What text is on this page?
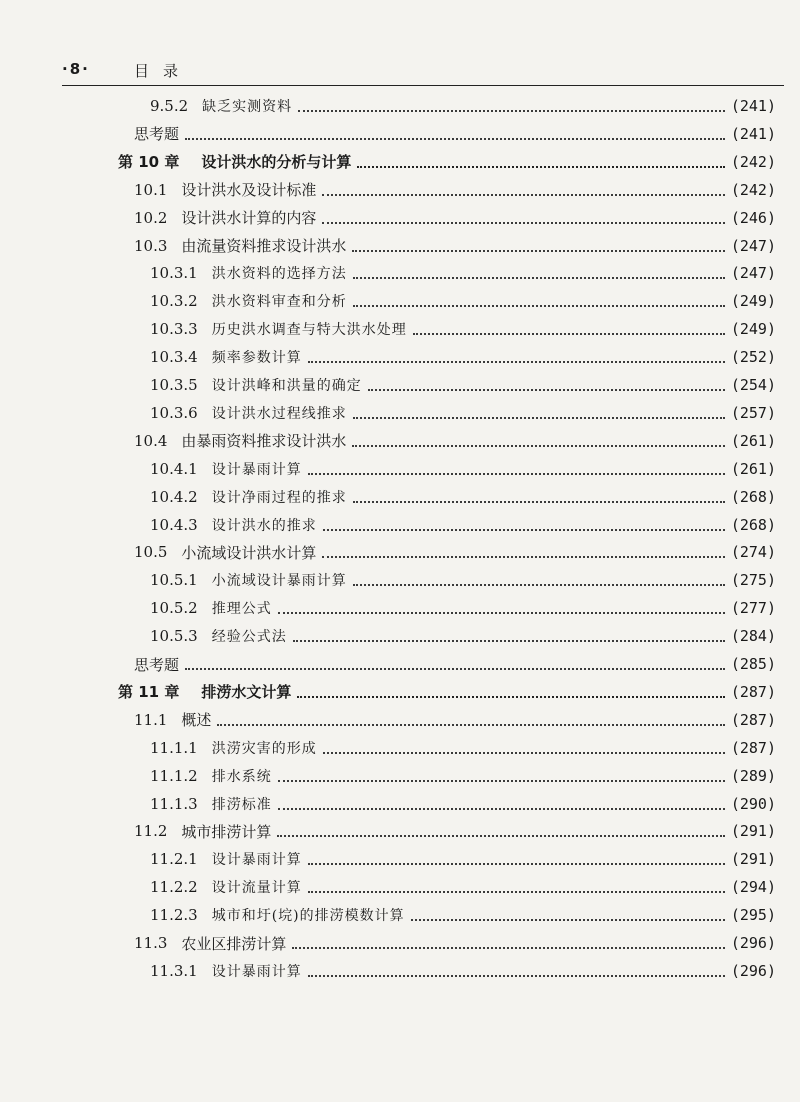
·8·	目录
9.5.2 缺乏实测资料	(241)
思考题	(241)
第 10 章 设计洪水的分析与计算	(242)
10.1 设计洪水及设计标准	(242)
10.2 设计洪水计算的内容	(246)
10.3 由流量资料推求设计洪水	(247)
10.3.1 洪水资料的选择方法	(247)
10.3.2 洪水资料审查和分析	(249)
10.3.3 历史洪水调查与特大洪水处理	(249)
10.3.4 频率参数计算	(252)
10.3.5 设计洪峰和洪量的确定	(254)
10.3.6 设计洪水过程线推求	(257)
10.4 由暴雨资料推求设计洪水	(261)
10.4.1 设计暴雨计算	(261)
10.4.2 设计净雨过程的推求	(268)
10.4.3 设计洪水的推求	(268)
10.5 小流域设计洪水计算	(274)
10.5.1 小流域设计暴雨计算	(275)
10.5.2 推理公式	(277)
10.5.3 经验公式法	(284)
思考题	(285)
第 11 章 排涝水文计算	(287)
11.1 概述	(287)
11.1.1 洪涝灾害的形成	(287)
11.1.2 排水系统	(289)
11.1.3 排涝标准	(290)
11.2 城市排涝计算	(291)
11.2.1 设计暴雨计算	(291)
11.2.2 设计流量计算	(294)
11.2.3 城市和圩(垸)的排涝模数计算	(295)
11.3 农业区排涝计算	(296)
11.3.1 设计暴雨计算	(296)
